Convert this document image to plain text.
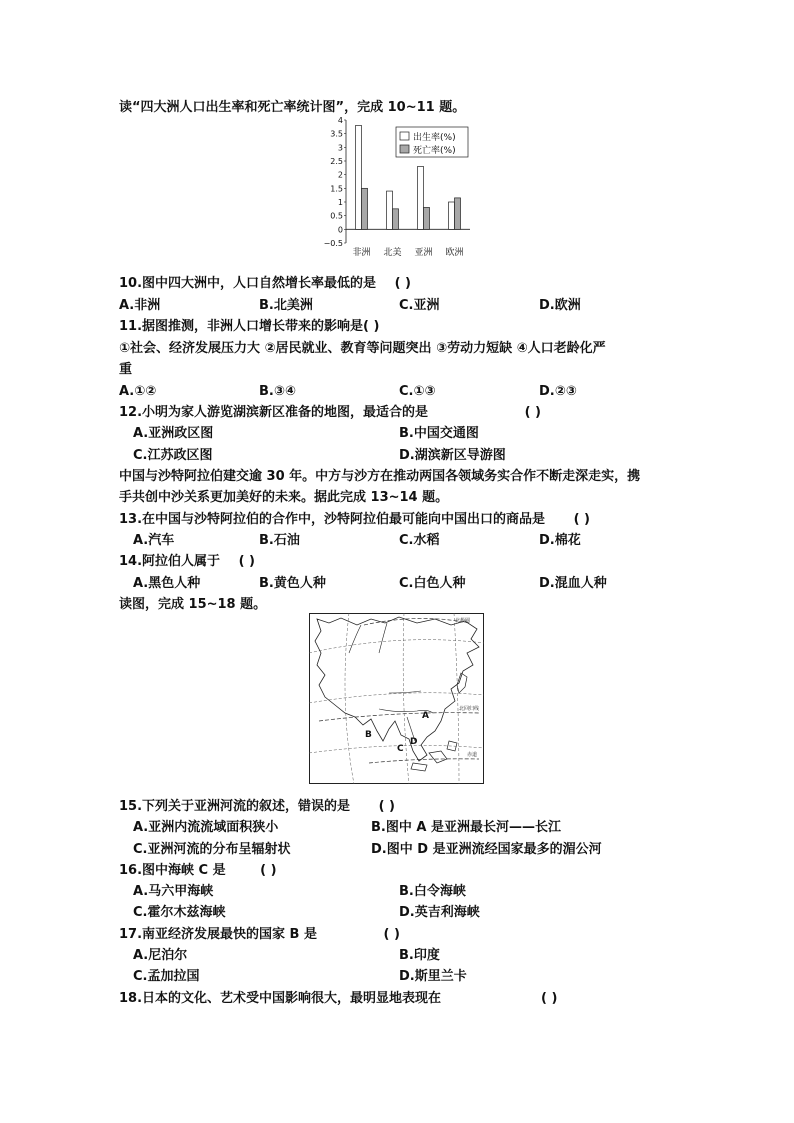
读“四大洲人口出生率和死亡率统计图”，完成 10~11 题。
4
3.5
3
2.5
2
1.5
1
0.5
0
−0.5
非洲 北美 亚洲 欧洲
出生率(%)
死亡率(%)
10.图中四大洲中，人口自然增长率最低的是 ( )
A.非洲	B.北美洲	C.亚洲	D.欧洲
11.据图推测，非洲人口增长带来的影响是( )
①社会、经济发展压力大 ②居民就业、教育等问题突出 ③劳动力短缺 ④人口老龄化严
重
A.①②	B.③④	C.①③	D.②③
12.小明为家人游览湖滨新区准备的地图，最适合的是	( )
A.亚洲政区图	B.中国交通图
C.江苏政区图	D.湖滨新区导游图
中国与沙特阿拉伯建交逾 30 年。中方与沙方在推动两国各领域务实合作不断走深走实，携
手共创中沙关系更加美好的未来。据此完成 13~14 题。
13.在中国与沙特阿拉伯的合作中，沙特阿拉伯最可能向中国出口的商品是 ( )
A.汽车	B.石油	C.水稻	D.棉花
14.阿拉伯人属于 ( )
A.黑色人种	B.黄色人种	C.白色人种	D.混血人种
读图，完成 15~18 题。
北极圈
北回归线
赤道
A
B
C
D
15.下列关于亚洲河流的叙述，错误的是 ( )
A.亚洲内流流域面积狭小	B.图中 A 是亚洲最长河——长江
C.亚洲河流的分布呈辐射状	D.图中 D 是亚洲流经国家最多的湄公河
16.图中海峡 C 是	( )
A.马六甲海峡	B.白令海峡
C.霍尔木兹海峡	D.英吉利海峡
17.南亚经济发展最快的国家 B 是	( )
A.尼泊尔	B.印度
C.孟加拉国	D.斯里兰卡
18.日本的文化、艺术受中国影响很大，最明显地表现在	( )
